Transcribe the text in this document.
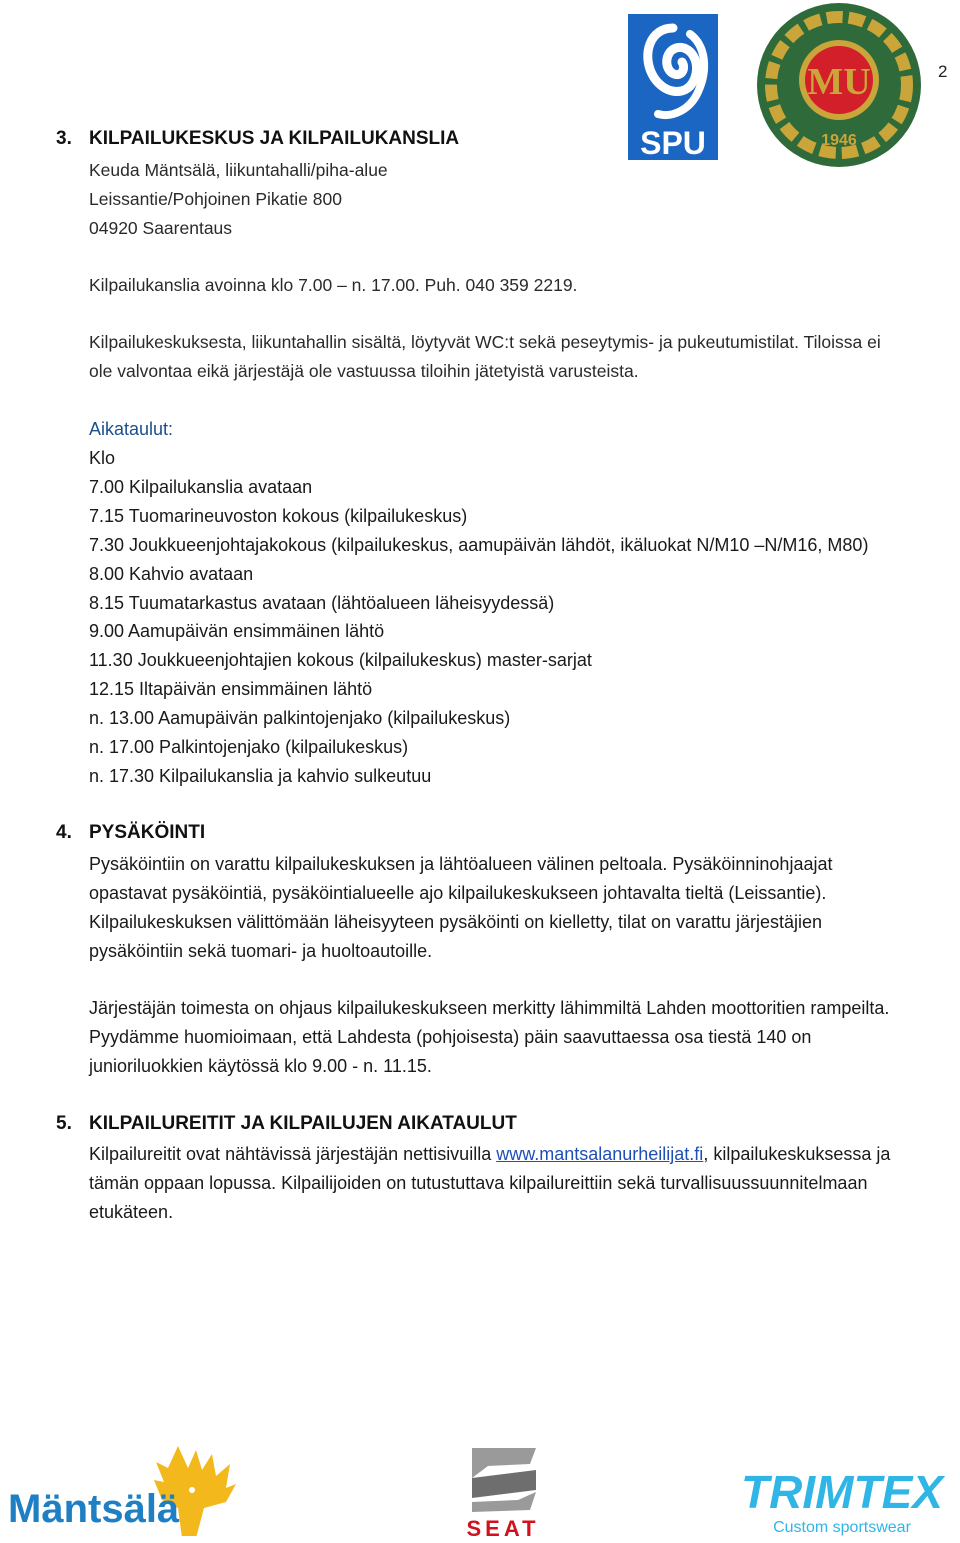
2
SPU
MU
1946
3. KILPAILUKESKUS JA KILPAILUKANSLIA
Keuda Mäntsälä, liikuntahalli/piha-alue
Leissantie/Pohjoinen Pikatie 800
04920 Saarentaus
Kilpailukanslia avoinna klo 7.00 – n. 17.00. Puh. 040 359 2219.
Kilpailukeskuksesta, liikuntahallin sisältä, löytyvät WC:t sekä peseytymis- ja pukeutumistilat. Tiloissa ei
ole valvontaa eikä järjestäjä ole vastuussa tiloihin jätetyistä varusteista.
Aikataulut:
Klo
7.00 Kilpailukanslia avataan
7.15 Tuomarineuvoston kokous (kilpailukeskus)
7.30 Joukkueenjohtajakokous (kilpailukeskus, aamupäivän lähdöt, ikäluokat N/M10 –N/M16, M80)
8.00 Kahvio avataan
8.15 Tuumatarkastus avataan (lähtöalueen läheisyydessä)
9.00 Aamupäivän ensimmäinen lähtö
11.30 Joukkueenjohtajien kokous (kilpailukeskus) master-sarjat
12.15 Iltapäivän ensimmäinen lähtö
n. 13.00 Aamupäivän palkintojenjako (kilpailukeskus)
n. 17.00 Palkintojenjako (kilpailukeskus)
n. 17.30 Kilpailukanslia ja kahvio sulkeutuu
4. PYSÄKÖINTI
Pysäköintiin on varattu kilpailukeskuksen ja lähtöalueen välinen peltoala. Pysäköinninohjaajat
opastavat pysäköintiä, pysäköintialueelle ajo kilpailukeskukseen johtavalta tieltä (Leissantie).
Kilpailukeskuksen välittömään läheisyyteen pysäköinti on kielletty, tilat on varattu järjestäjien
pysäköintiin sekä tuomari- ja huoltoautoille.
Järjestäjän toimesta on ohjaus kilpailukeskukseen merkitty lähimmiltä Lahden moottoritien rampeilta.
Pyydämme huomioimaan, että Lahdesta (pohjoisesta) päin saavuttaessa osa tiestä 140 on
junioriluokkien käytössä klo 9.00 - n. 11.15.
5. KILPAILUREITIT JA KILPAILUJEN AIKATAULUT
Kilpailureitit ovat nähtävissä järjestäjän nettisivuilla www.mantsalanurheilijat.fi, kilpailukeskuksessa ja
tämän oppaan lopussa. Kilpailijoiden on tutustuttava kilpailureittiin sekä turvallisuussuunnitelmaan
etukäteen.
Mäntsälä	SEAT
TRIMTEX
Custom sportswear
